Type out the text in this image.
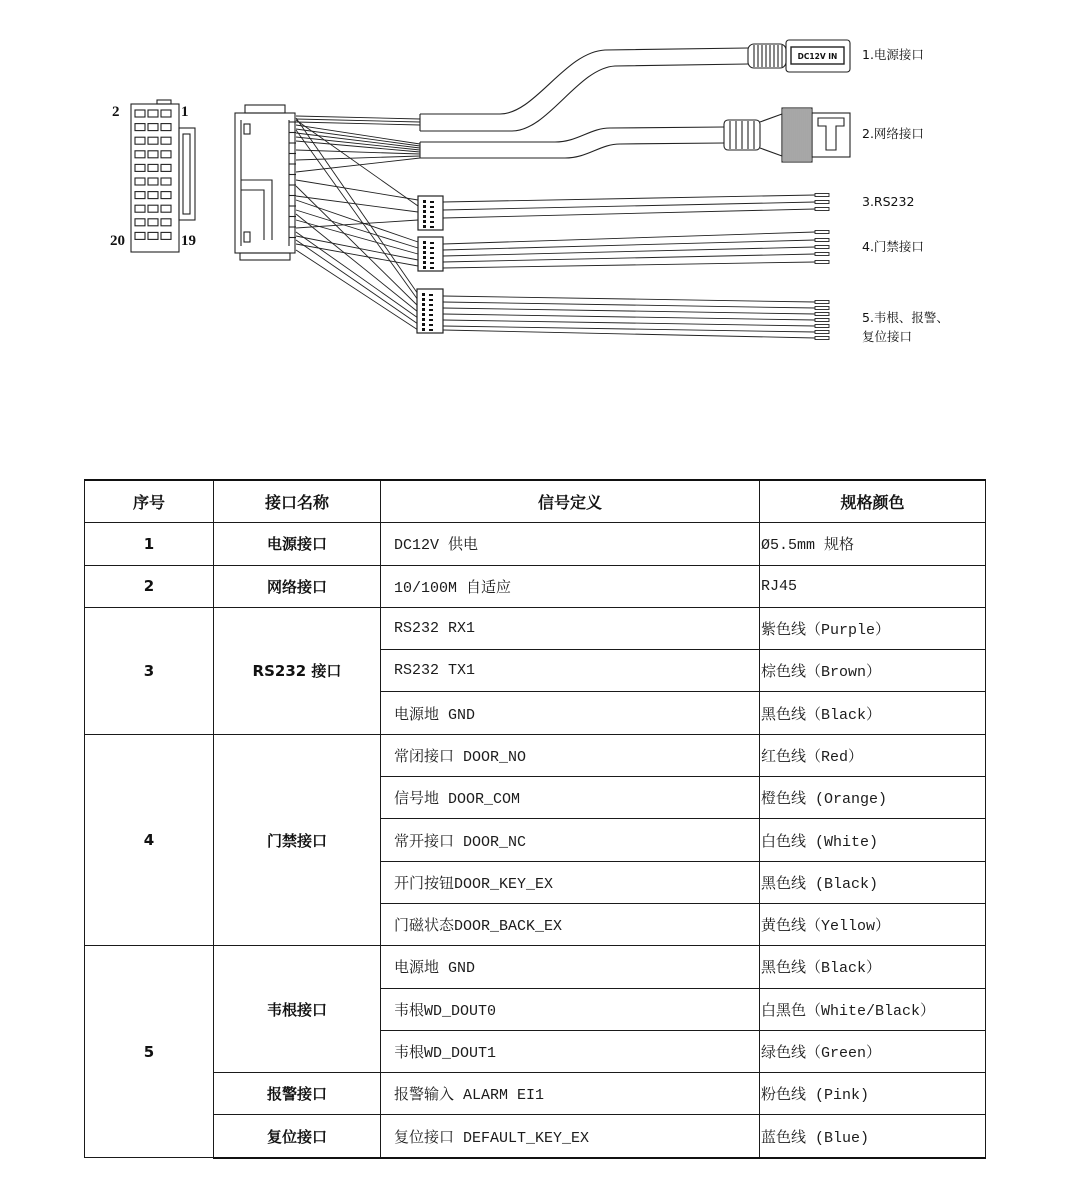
DC12V IN
2	1
20	19
1.电源接口
2.网络接口
3.RS232
4.门禁接口
5.韦根、报警、
复位接口
序号	接口名称	信号定义	规格颜色
1	电源接口	DC12V 供电	Ø5.5mm 规格
2	网络接口	10/100M 自适应	RJ45
3	RS232 接口	RS232 RX1	紫色线（Purple）
		RS232 TX1	棕色线（Brown）
		电源地 GND	黑色线（Black）
4	门禁接口	常闭接口 DOOR_NO	红色线（Red）
		信号地 DOOR_COM	橙色线 (Orange)
		常开接口 DOOR_NC	白色线 (White)
		开门按钮DOOR_KEY_EX	黑色线 (Black)
		门磁状态DOOR_BACK_EX	黄色线（Yellow）
5	韦根接口	电源地 GND	黑色线（Black）
		韦根WD_DOUT0	白黑色（White/Black）
		韦根WD_DOUT1	绿色线（Green）
	报警接口	报警输入 ALARM EI1	粉色线 (Pink)
	复位接口	复位接口 DEFAULT_KEY_EX	蓝色线 (Blue)
